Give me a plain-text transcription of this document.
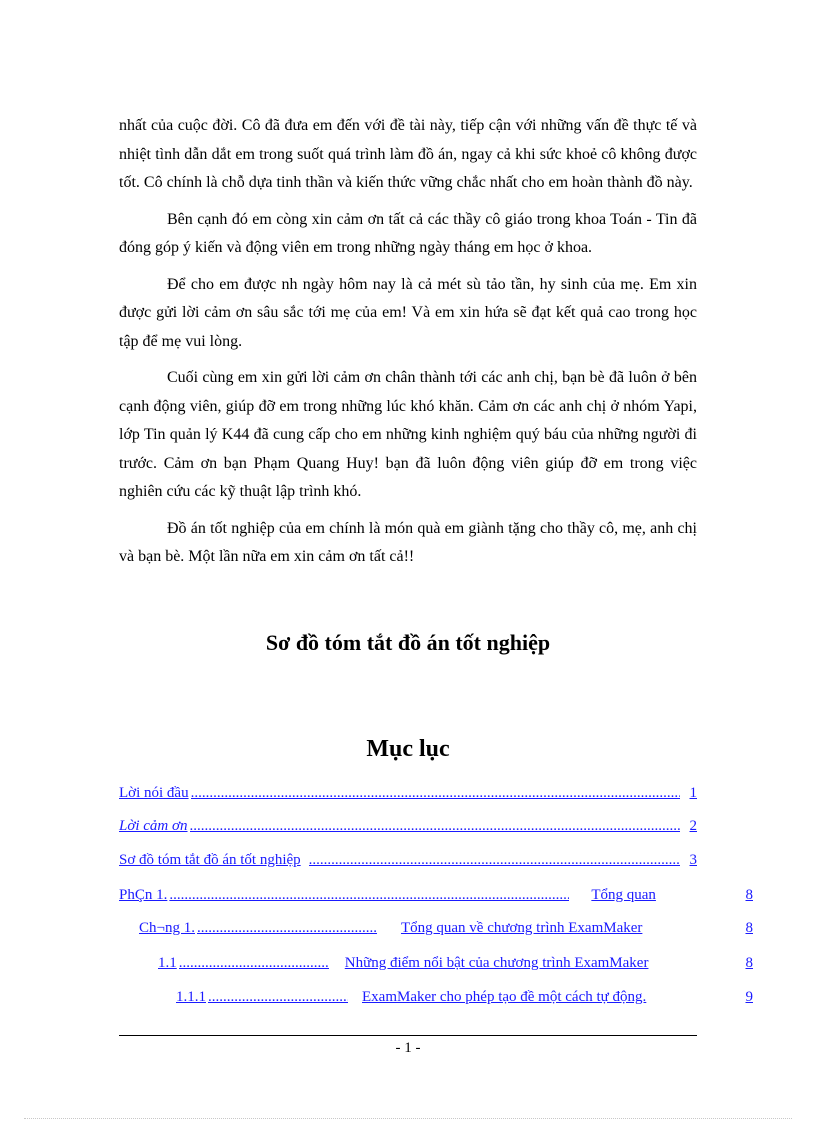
nhất của cuộc đời. Cô đã đưa em đến với đề tài này, tiếp cận với những vấn đề thực tế và nhiệt tình dẫn dắt em trong suốt quá trình làm đồ án, ngay cả khi sức khoẻ cô không được tốt. Cô chính là chỗ dựa tinh thần và kiến thức vững chắc nhất cho em hoàn thành đồ này.

Bên cạnh đó em còng xin cảm ơn tất cả các thầy cô giáo trong khoa Toán - Tin đã đóng góp ý kiến và động viên em trong những ngày tháng em học ở khoa.

Để cho em được nh ngày hôm nay là cả mét sù tảo tần, hy sinh của mẹ. Em xin được gửi lời cảm ơn sâu sắc tới mẹ của em! Và em xin hứa sẽ đạt kết quả cao trong học tập để mẹ vui lòng.

Cuối cùng em xin gửi lời cảm ơn chân thành tới các anh chị, bạn bè đã luôn ở bên cạnh động viên, giúp đỡ em trong những lúc khó khăn. Cảm ơn các anh chị ở nhóm Yapi, lớp Tin quản lý K44 đã cung cấp cho em những kinh nghiệm quý báu của những người đi trước. Cảm ơn bạn Phạm Quang Huy! bạn đã luôn động viên giúp đỡ em trong việc nghiên cứu các kỹ thuật lập trình khó.

Đồ án tốt nghiệp của em chính là món quà em giành tặng cho thầy cô, mẹ, anh chị và bạn bè. Một lần nữa em xin cảm ơn tất cả!!

Sơ đồ tóm tắt đồ án tốt nghiệp
Mục lục
Lời nói đầu .....	1
Lời cảm ơn .....	2
Sơ đồ tóm tắt đồ án tốt nghiệp .....	3
PhÇn 1. .....	Tổng quan	8
Ch¬ng 1. .....	Tổng quan về chương trình ExamMaker	8
1.1 .....	Những điểm nổi bật của chương trình ExamMaker	8
1.1.1 .....	ExamMaker cho phép tạo đề một cách tự động.	9
- 1 -
